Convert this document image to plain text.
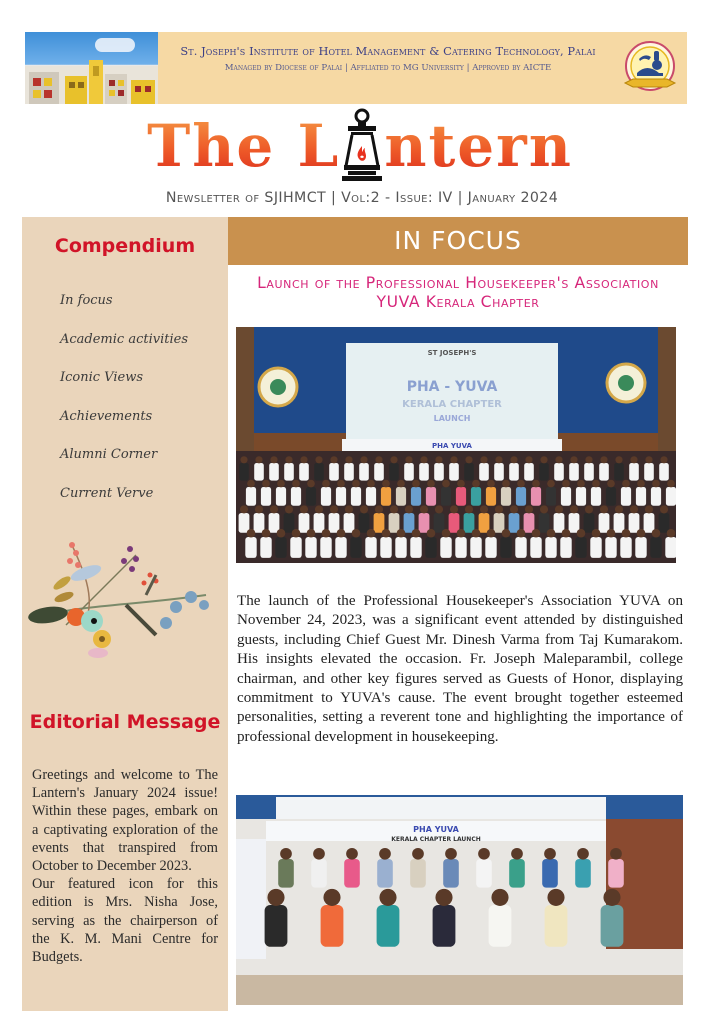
St. Joseph's Institute of Hotel Management & Catering Technology, Palai
Managed by Diocese of Palai | Affliated to MG University | Approved by AICTE
The L ntern
Newsletter of SJIHMCT | Vol:2 - Issue: IV | January 2024
Compendium
In focus
Academic activities
Iconic Views
Achievements
Alumni Corner
Current Verve
Editorial Message

Greetings and welcome to The Lantern's January 2024 issue! Within these pages, embark on a captivating exploration of the events that transpired from October to December 2023.

Our featured icon for this edition is Mrs. Nisha Jose, serving as the chairperson of the K. M. Mani Centre for Budgets.

IN FOCUS
Launch of the Professional Housekeeper's Association YUVA Kerala Chapter
ST JOSEPH'S
PHA - YUVA
KERALA CHAPTER
LAUNCH
PHA YUVA
The launch of the Professional Housekeeper's Association YUVA on November 24, 2023, was a significant event attended by distinguished guests, including Chief Guest Mr. Dinesh Varma from Taj Kumarakom. His insights elevated the occasion. Fr. Joseph Maleparambil, college chairman, and other key figures served as Guests of Honor, displaying commitment to YUVA's cause. The event brought together esteemed personalities, setting a reverent tone and highlighting the importance of professional development in housekeeping.
PHA YUVA
KERALA CHAPTER LAUNCH
